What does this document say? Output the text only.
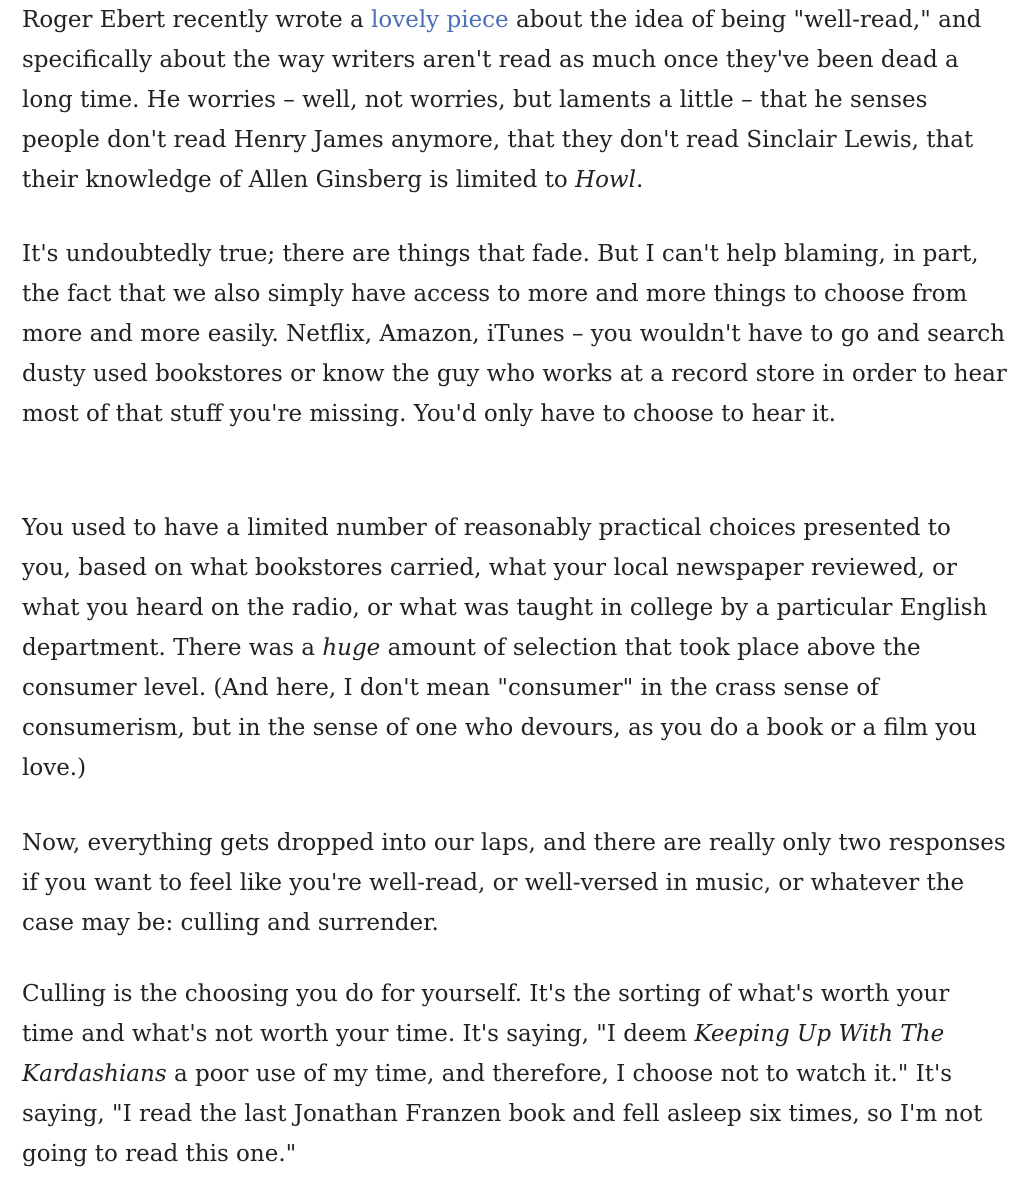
Roger Ebert recently wrote a lovely piece about the idea of being "well-read," and specifically about the way writers aren't read as much once they've been dead a long time. He worries – well, not worries, but laments a little – that he senses people don't read Henry James anymore, that they don't read Sinclair Lewis, that their knowledge of Allen Ginsberg is limited to Howl.

It's undoubtedly true; there are things that fade. But I can't help blaming, in part, the fact that we also simply have access to more and more things to choose from more and more easily. Netflix, Amazon, iTunes – you wouldn't have to go and search dusty used bookstores or know the guy who works at a record store in order to hear most of that stuff you're missing. You'd only have to choose to hear it.

You used to have a limited number of reasonably practical choices presented to you, based on what bookstores carried, what your local newspaper reviewed, or what you heard on the radio, or what was taught in college by a particular English department. There was a huge amount of selection that took place above the consumer level. (And here, I don't mean "consumer" in the crass sense of consumerism, but in the sense of one who devours, as you do a book or a film you love.)

Now, everything gets dropped into our laps, and there are really only two responses if you want to feel like you're well-read, or well-versed in music, or whatever the case may be: culling and surrender.

Culling is the choosing you do for yourself. It's the sorting of what's worth your time and what's not worth your time. It's saying, "I deem Keeping Up With The Kardashians a poor use of my time, and therefore, I choose not to watch it." It's saying, "I read the last Jonathan Franzen book and fell asleep six times, so I'm not going to read this one."
